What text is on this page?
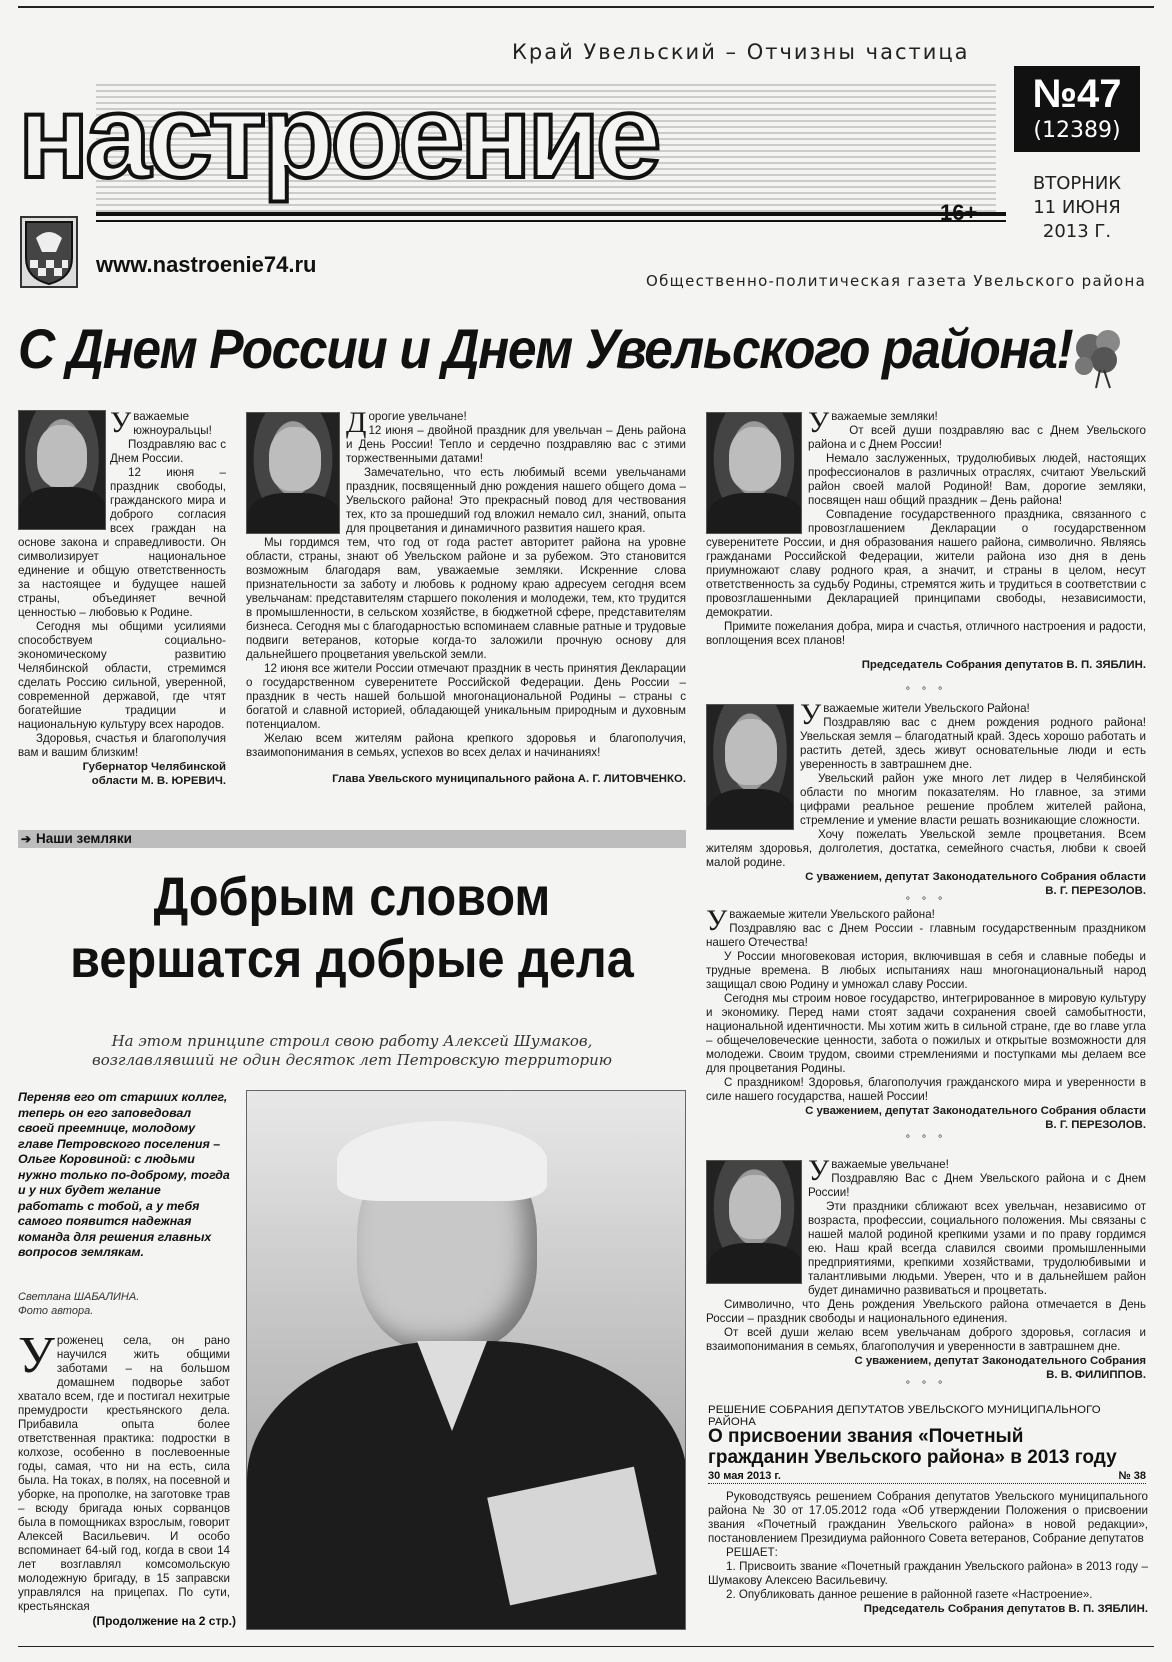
Край Увельский – Отчизны частица
настроение
16+
www.nastroenie74.ru
Общественно-политическая газета Увельского района
№47
(12389)
ВТОРНИК
11 ИЮНЯ
2013 Г.
С Днем России и Днем Увельского района!

Уважаемые южноуральцы!

Поздравляю вас с Днем России.

12 июня – праздник свободы, гражданского мира и доброго согласия всех граждан на основе закона и справедливости. Он символизирует национальное единение и общую ответственность за настоящее и будущее нашей страны, объединяет вечной ценностью – любовью к Родине.

Сегодня мы общими усилиями способствуем социально-экономическому развитию Челябинской области, стремимся сделать Россию сильной, уверенной, современной державой, где чтят богатейшие традиции и национальную культуру всех народов.

Здоровья, счастья и благополучия вам и вашим близким!

Губернатор Челябинской
области М. В. ЮРЕВИЧ.

Дорогие увельчане!

12 июня – двойной праздник для увельчан – День района и День России! Тепло и сердечно поздравляю вас с этими торжественными датами!

Замечательно, что есть любимый всеми увельчанами праздник, посвященный дню рождения нашего общего дома – Увельского района! Это прекрасный повод для чествования тех, кто за прошедший год вложил немало сил, знаний, опыта для процветания и динамичного развития нашего края.

Мы гордимся тем, что год от года растет авторитет района на уровне области, страны, знают об Увельском районе и за рубежом. Это становится возможным благодаря вам, уважаемые земляки. Искренние слова признательности за заботу и любовь к родному краю адресуем сегодня всем увельчанам: представителям старшего поколения и молодежи, тем, кто трудится в промышленности, в сельском хозяйстве, в бюджетной сфере, представителям бизнеса. Сегодня мы с благодарностью вспоминаем славные ратные и трудовые подвиги ветеранов, которые когда-то заложили прочную основу для дальнейшего процветания увельской земли.

12 июня все жители России отмечают праздник в честь принятия Декларации о государственном суверенитете Российской Федерации. День России – праздник в честь нашей большой многонациональной Родины – страны с богатой и славной историей, обладающей уникальным природным и духовным потенциалом.

Желаю всем жителям района крепкого здоровья и благополучия, взаимопонимания в семьях, успехов во всех делах и начинаниях!

Глава Увельского муниципального района А. Г. ЛИТОВЧЕНКО.

Уважаемые земляки!

От всей души поздравляю вас с Днем Увельского района и с Днем России!

Немало заслуженных, трудолюбивых людей, настоящих профессионалов в различных отраслях, считают Увельский район своей малой Родиной! Вам, дорогие земляки, посвящен наш общий праздник – День района!

Совпадение государственного праздника, связанного с провозглашением Декларации о государственном суверенитете России, и дня образования нашего района, символично. Являясь гражданами Российской Федерации, жители района изо дня в день приумножают славу родного края, а значит, и страны в целом, несут ответственность за судьбу Родины, стремятся жить и трудиться в соответствии с провозглашенными Декларацией принципами свободы, независимости, демократии.

Примите пожелания добра, мира и счастья, отличного настроения и радости, воплощения всех планов!

Председатель Собрания депутатов В. П. ЗЯБЛИН.
° ° °

Уважаемые жители Увельского Района!

Поздравляю вас с днем рождения родного района! Увельская земля – благодатный край. Здесь хорошо работать и растить детей, здесь живут основательные люди и есть уверенность в завтрашнем дне.

Увельский район уже много лет лидер в Челябинской области по многим показателям. Но главное, за этими цифрами реальное решение проблем жителей района, стремление и умение власти решать возникающие сложности.

Хочу пожелать Увельской земле процветания. Всем жителям здоровья, долголетия, достатка, семейного счастья, любви к своей малой родине.

С уважением, депутат Законодательного Собрания области
В. Г. ПЕРЕЗОЛОВ.
° ° °

Уважаемые жители Увельского района!

Поздравляю вас с Днем России - главным государственным праздником нашего Отечества!

У России многовековая история, включившая в себя и славные победы и трудные времена. В любых испытаниях наш многонациональный народ защищал свою Родину и умножал славу России.

Сегодня мы строим новое государство, интегрированное в мировую культуру и экономику. Перед нами стоят задачи сохранения своей самобытности, национальной идентичности. Мы хотим жить в сильной стране, где во главе угла – общечеловеческие ценности, забота о пожилых и открытые возможности для молодежи. Своим трудом, своими стремлениями и поступками мы делаем все для процветания Родины.

С праздником! Здоровья, благополучия гражданского мира и уверенности в силе нашего государства, нашей России!

С уважением, депутат Законодательного Собрания области
В. Г. ПЕРЕЗОЛОВ.
° ° °

Уважаемые увельчане!

Поздравляю Вас с Днем Увельского района и с Днем России!

Эти праздники сближают всех увельчан, независимо от возраста, профессии, социального положения. Мы связаны с нашей малой родиной крепкими узами и по праву гордимся ею. Наш край всегда славился своими промышленными предприятиями, крепкими хозяйствами, трудолюбивыми и талантливыми людьми. Уверен, что и в дальнейшем район будет динамично развиваться и процветать.

Символично, что День рождения Увельского района отмечается в День России – праздник свободы и национального единения.

От всей души желаю всем увельчанам доброго здоровья, согласия и взаимопонимания в семьях, благополучия и уверенности в завтрашнем дне.

С уважением, депутат Законодательного Собрания
В. В. ФИЛИППОВ.
° ° °
РЕШЕНИЕ СОБРАНИЯ ДЕПУТАТОВ УВЕЛЬСКОГО МУНИЦИПАЛЬНОГО РАЙОНА
О присвоении звания «Почетный
гражданин Увельского района» в 2013 году
30 мая 2013 г.	№ 38

Руководствуясь решением Собрания депутатов Увельского муниципального района № 30 от 17.05.2012 года «Об утверждении Положения о присвоении звания «Почетный гражданин Увельского района» в новой редакции», постановлением Президиума районного Совета ветеранов, Собрание депутатов

РЕШАЕТ:

1. Присвоить звание «Почетный гражданин Увельского района» в 2013 году – Шумакову Алексею Васильевичу.

2. Опубликовать данное решение в районной газете «Настроение».

Председатель Собрания депутатов В. П. ЗЯБЛИН.
➔ Наши земляки
Добрым словом
вершатся добрые дела
На этом принципе строил свою работу Алексей Шумаков,
возглавлявший не один десяток лет Петровскую территорию
Переняв его от старших коллег, теперь он его заповедовал своей преемнице, молодому главе Петровского поселения – Ольге Коровиной: с людьми нужно только по-доброму, тогда и у них будет желание работать с тобой, а у тебя самого появится надежная команда для решения главных вопросов землякам.
Светлана ШАБАЛИНА.
Фото автора.

Уроженец села, он рано научился жить общими заботами – на большом домашнем подворье забот хватало всем, где и постигал нехитрые премудрости крестьянского дела. Прибавила опыта более ответственная практика: подростки в колхозе, особенно в послевоенные годы, самая, что ни на есть, сила была. На токах, в полях, на посевной и уборке, на прополке, на заготовке трав – всюду бригада юных сорванцов была в помощниках взрослым, говорит Алексей Васильевич. И особо вспоминает 64-ый год, когда в свои 14 лет возглавлял комсомольскую молодежную бригаду, в 15 заправски управлялся на прицепах. По сути, крестьянская

(Продолжение на 2 стр.)
